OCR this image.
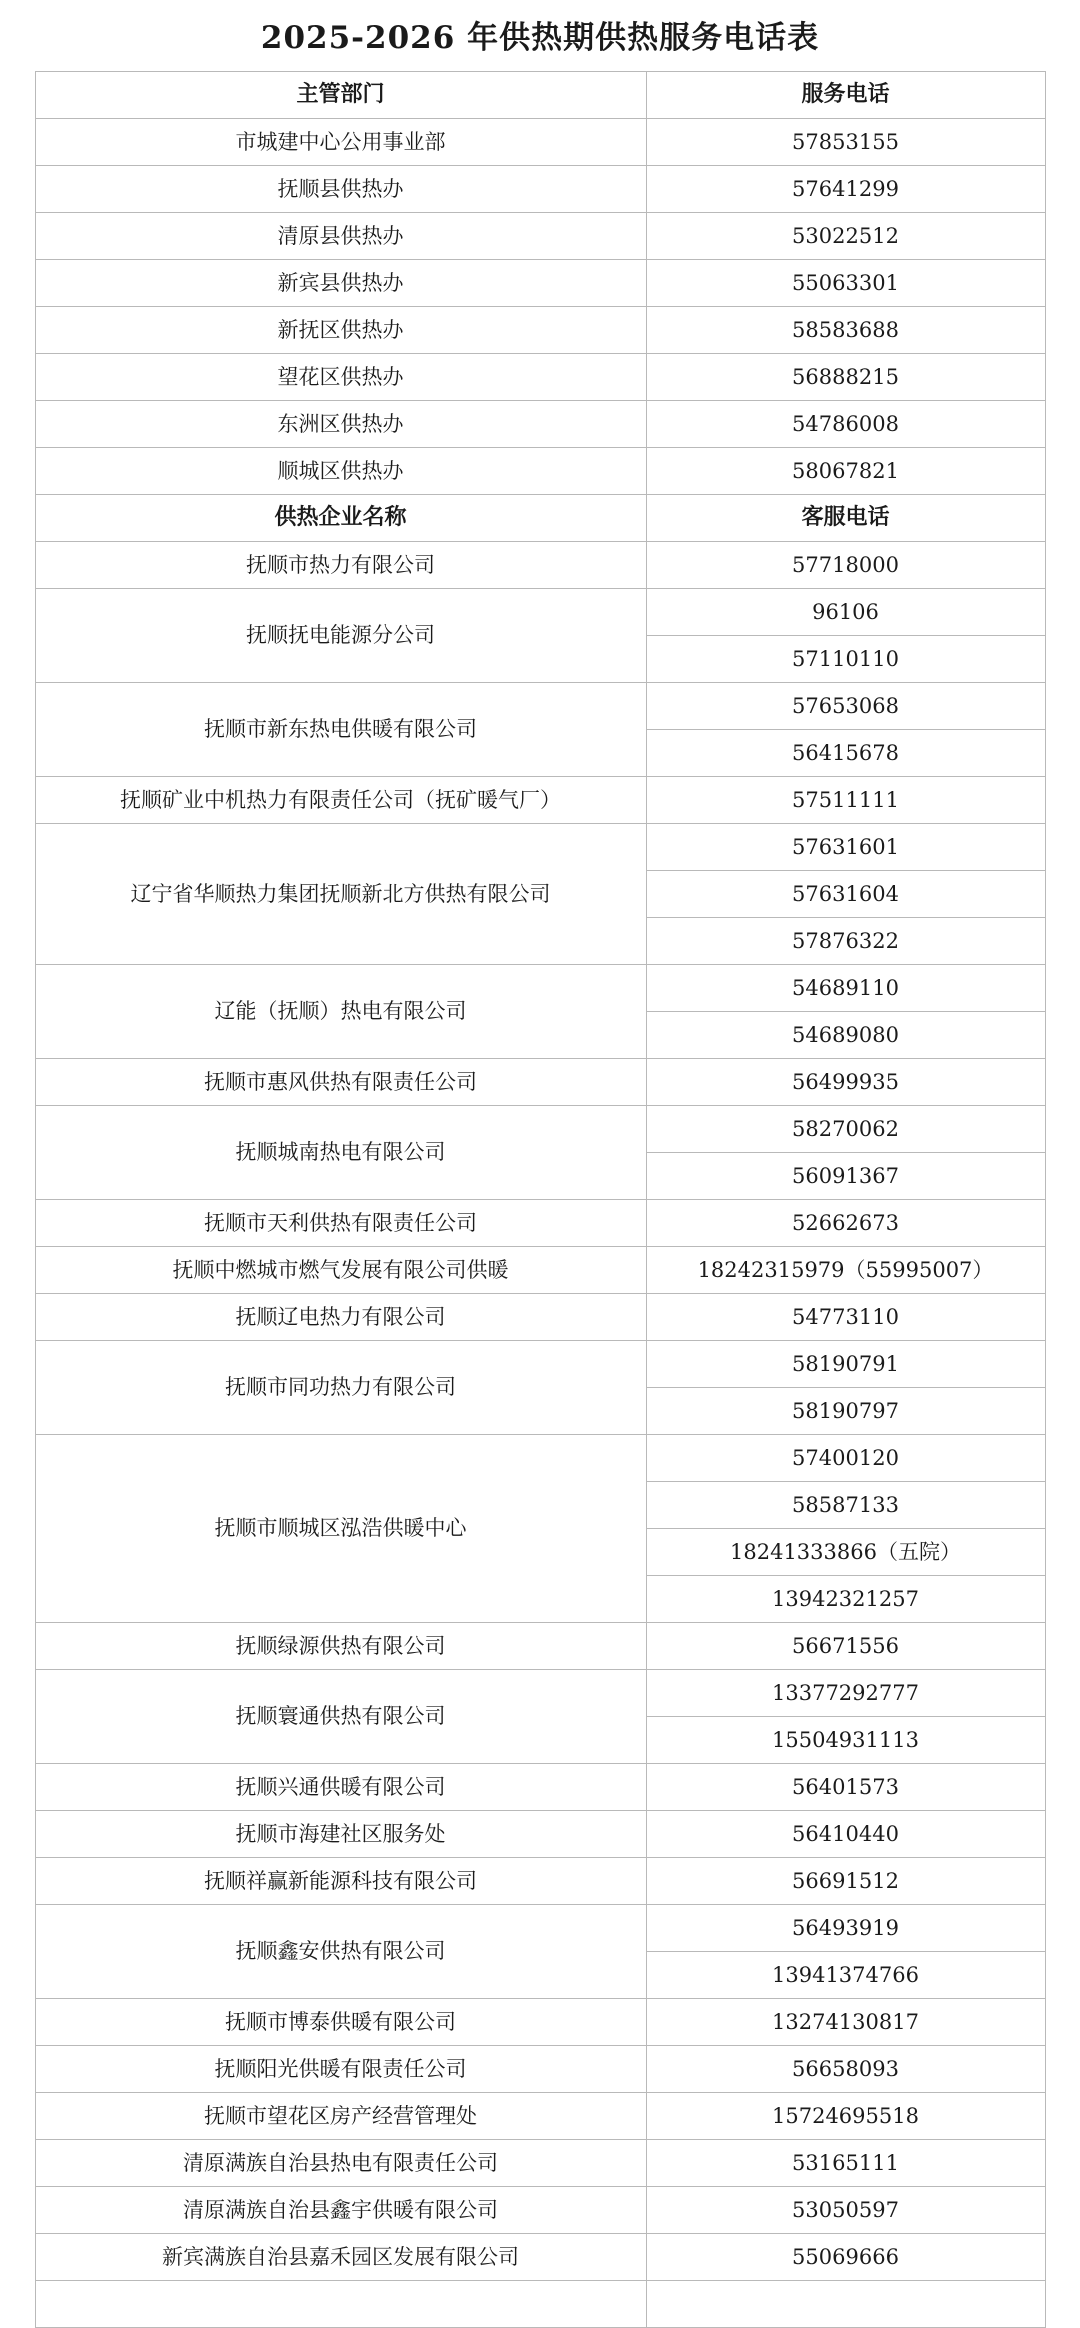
2025-2026 年供热期供热服务电话表
主管部门	服务电话
市城建中心公用事业部	57853155
抚顺县供热办	57641299
清原县供热办	53022512
新宾县供热办	55063301
新抚区供热办	58583688
望花区供热办	56888215
东洲区供热办	54786008
顺城区供热办	58067821
供热企业名称	客服电话
抚顺市热力有限公司	57718000
抚顺抚电能源分公司	96106
	57110110
抚顺市新东热电供暖有限公司	57653068
	56415678
抚顺矿业中机热力有限责任公司（抚矿暖气厂）	57511111
辽宁省华顺热力集团抚顺新北方供热有限公司	57631601
	57631604
	57876322
辽能（抚顺）热电有限公司	54689110
	54689080
抚顺市惠风供热有限责任公司	56499935
抚顺城南热电有限公司	58270062
	56091367
抚顺市天利供热有限责任公司	52662673
抚顺中燃城市燃气发展有限公司供暖	18242315979（55995007）
抚顺辽电热力有限公司	54773110
抚顺市同功热力有限公司	58190791
	58190797
抚顺市顺城区泓浩供暖中心	57400120
	58587133
	18241333866（五院）
	13942321257
抚顺绿源供热有限公司	56671556
抚顺寰通供热有限公司	13377292777
	15504931113
抚顺兴通供暖有限公司	56401573
抚顺市海建社区服务处	56410440
抚顺祥赢新能源科技有限公司	56691512
抚顺鑫安供热有限公司	56493919
	13941374766
抚顺市博泰供暖有限公司	13274130817
抚顺阳光供暖有限责任公司	56658093
抚顺市望花区房产经营管理处	15724695518
清原满族自治县热电有限责任公司	53165111
清原满族自治县鑫宇供暖有限公司	53050597
新宾满族自治县嘉禾园区发展有限公司	55069666
